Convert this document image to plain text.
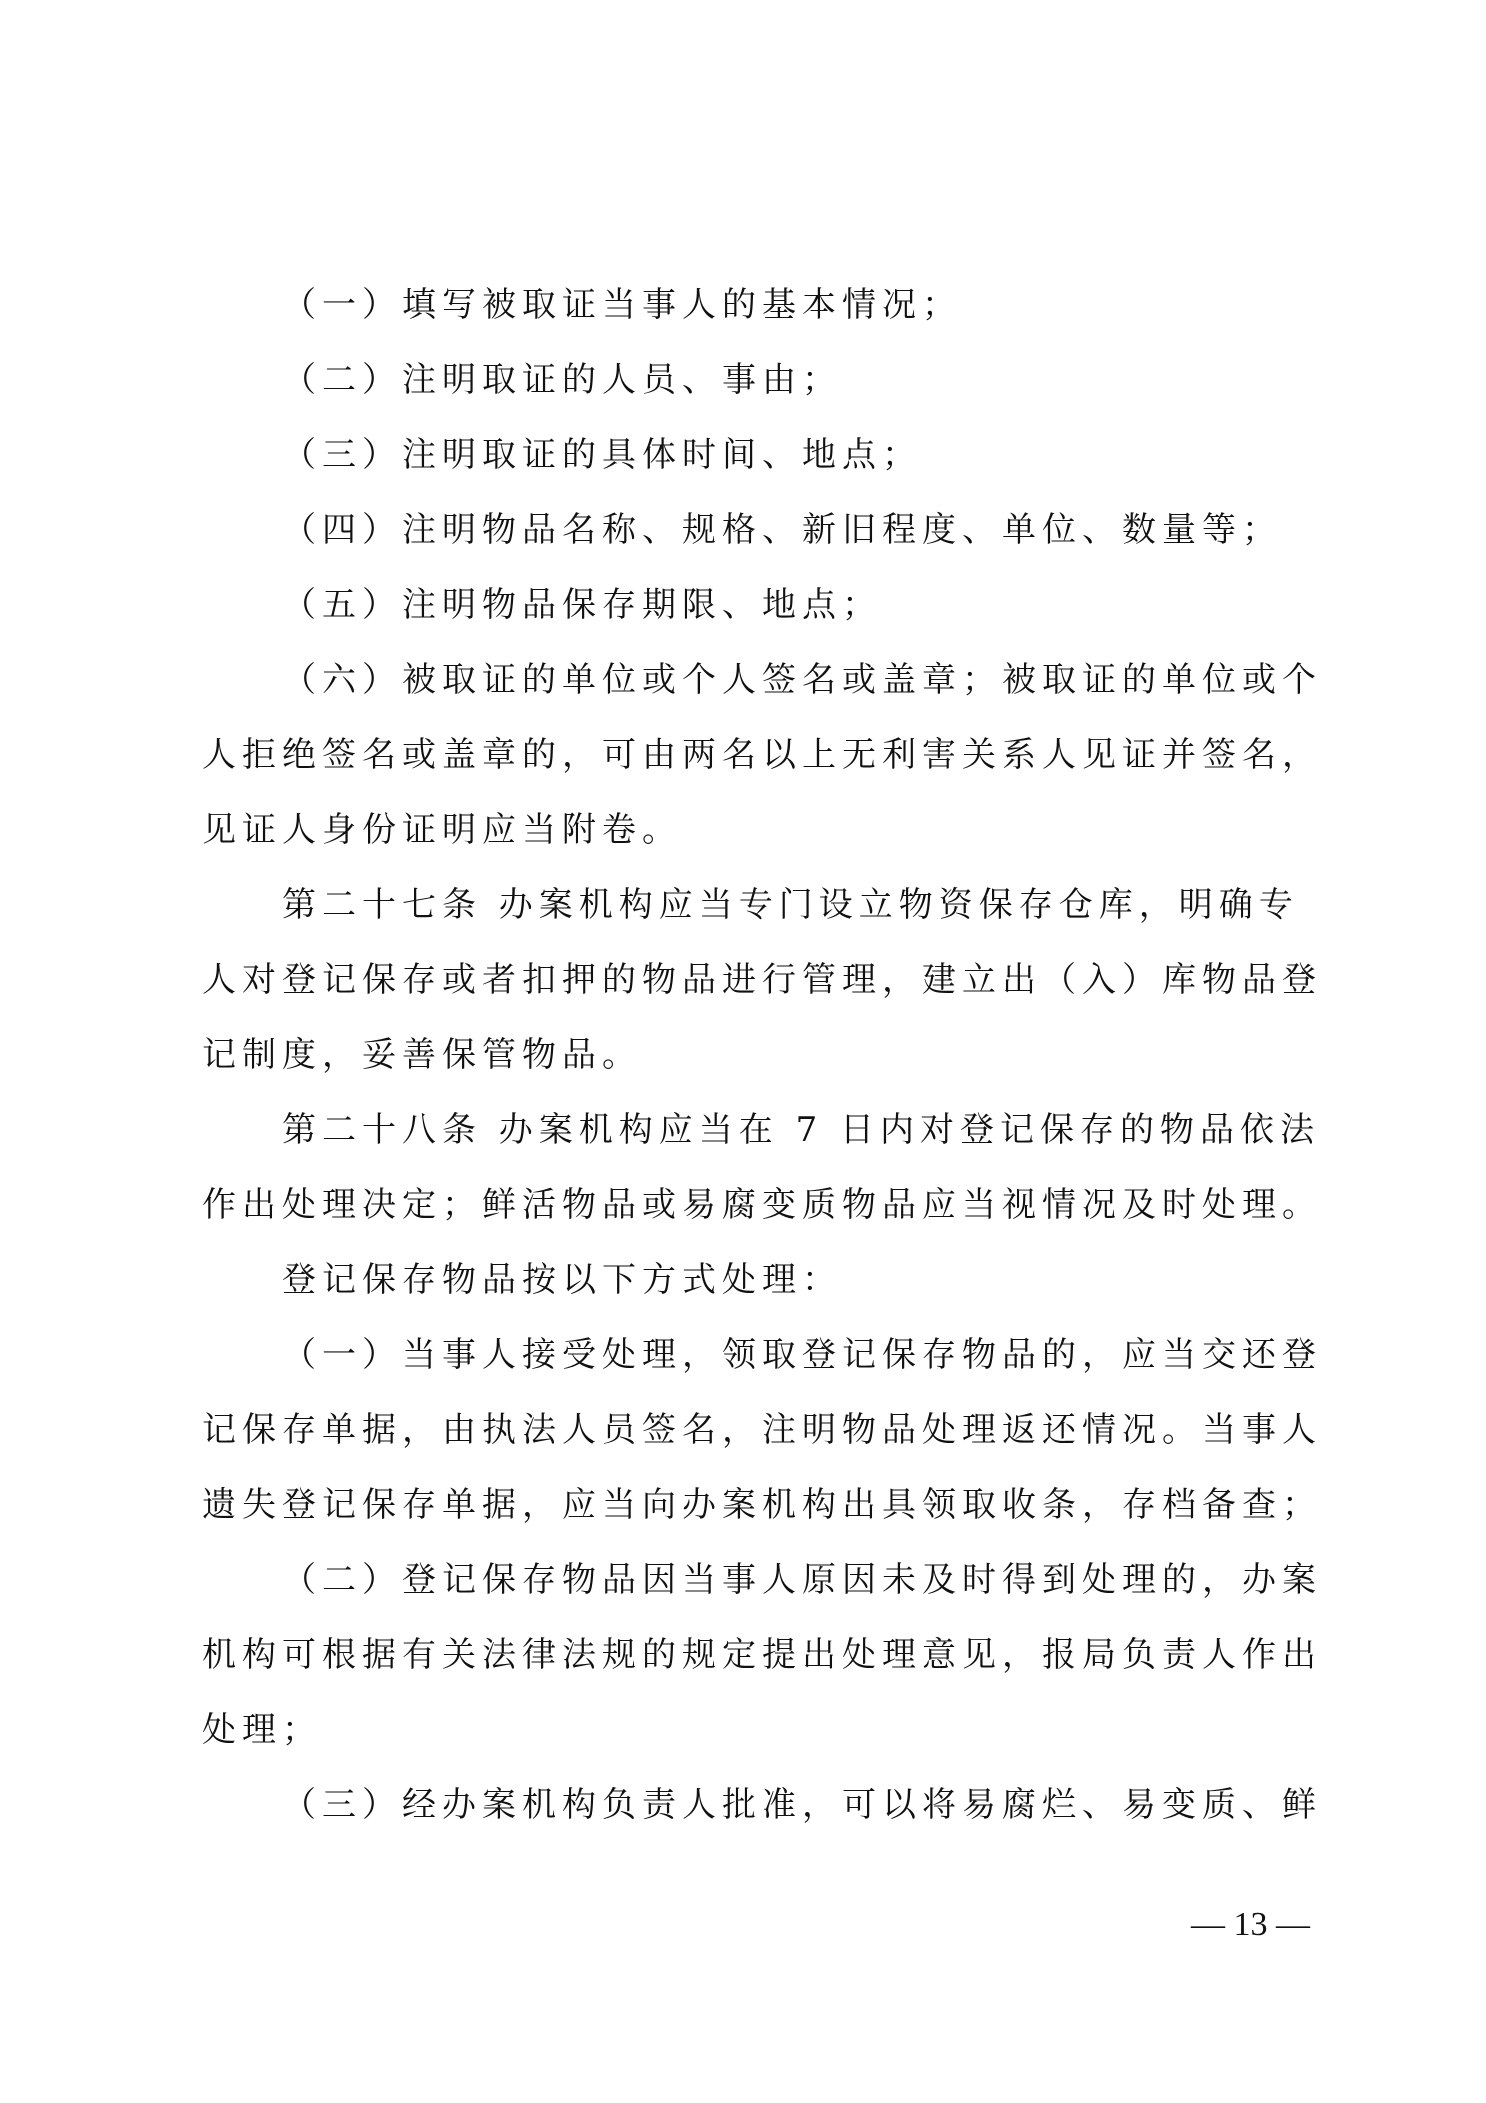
（一）填写被取证当事人的基本情况；
（二）注明取证的人员、事由；
（三）注明取证的具体时间、地点；
（四）注明物品名称、规格、新旧程度、单位、数量等；
（五）注明物品保存期限、地点；
（六）被取证的单位或个人签名或盖章；被取证的单位或个
人拒绝签名或盖章的，可由两名以上无利害关系人见证并签名，
见证人身份证明应当附卷。
第二十七条 办案机构应当专门设立物资保存仓库，明确专
人对登记保存或者扣押的物品进行管理，建立出（入）库物品登
记制度，妥善保管物品。
第二十八条 办案机构应当在 7 日内对登记保存的物品依法
作出处理决定；鲜活物品或易腐变质物品应当视情况及时处理。
登记保存物品按以下方式处理：
（一）当事人接受处理，领取登记保存物品的，应当交还登
记保存单据，由执法人员签名，注明物品处理返还情况。当事人
遗失登记保存单据，应当向办案机构出具领取收条，存档备查；
（二）登记保存物品因当事人原因未及时得到处理的，办案
机构可根据有关法律法规的规定提出处理意见，报局负责人作出
处理；
（三）经办案机构负责人批准，可以将易腐烂、易变质、鲜
— 13 —
